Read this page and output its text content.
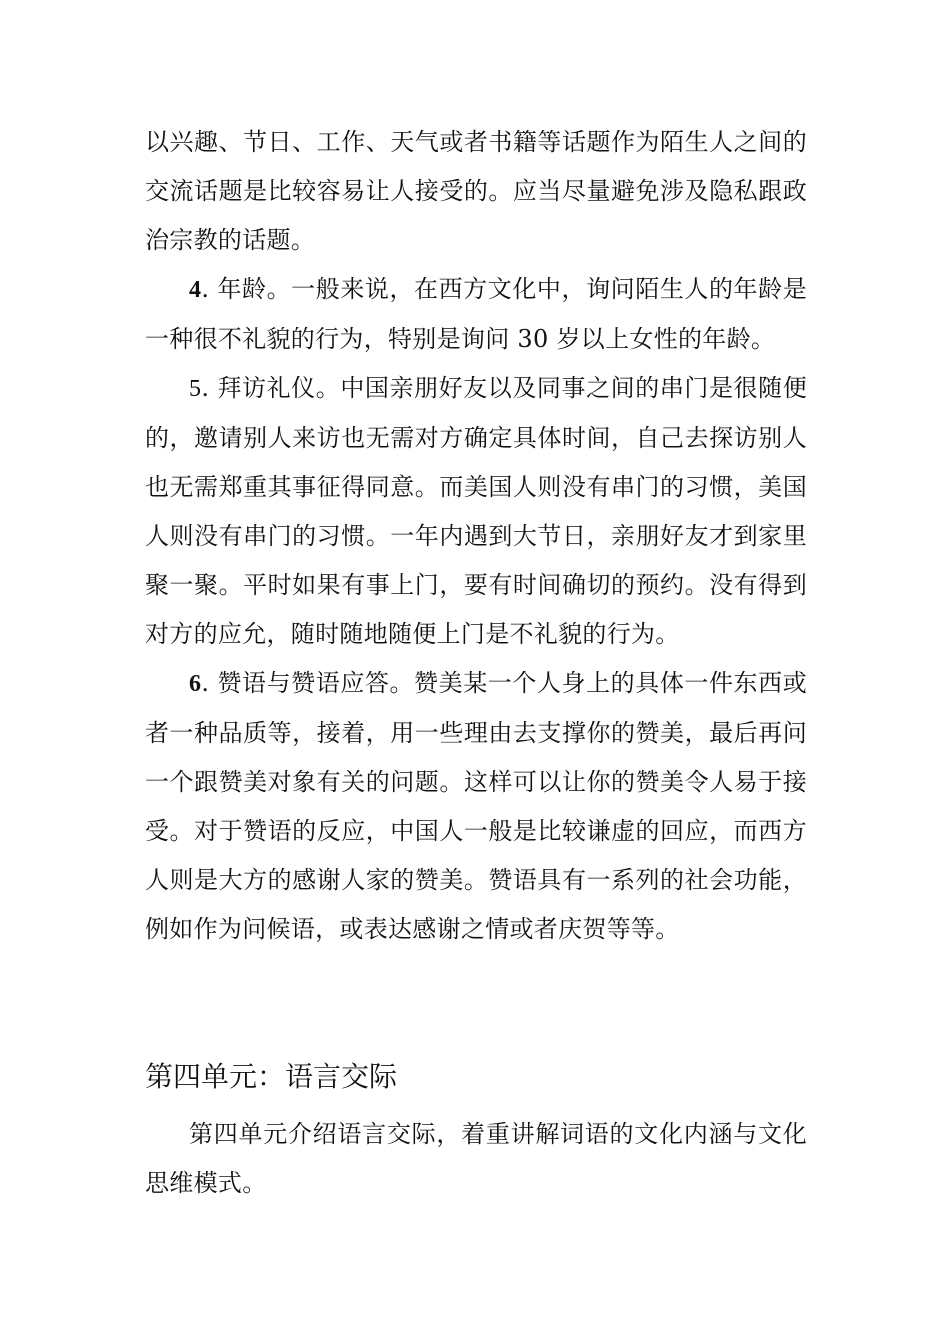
以兴趣、节日、工作、天气或者书籍等话题作为陌生人之间的交流话题是比较容易让人接受的。应当尽量避免涉及隐私跟政治宗教的话题。

4. 年龄。一般来说，在西方文化中，询问陌生人的年龄是一种很不礼貌的行为，特别是询问 30 岁以上女性的年龄。

5. 拜访礼仪。中国亲朋好友以及同事之间的串门是很随便的，邀请别人来访也无需对方确定具体时间，自己去探访别人也无需郑重其事征得同意。而美国人则没有串门的习惯，美国人则没有串门的习惯。一年内遇到大节日，亲朋好友才到家里聚一聚。平时如果有事上门，要有时间确切的预约。没有得到对方的应允，随时随地随便上门是不礼貌的行为。

6. 赞语与赞语应答。赞美某一个人身上的具体一件东西或者一种品质等，接着，用一些理由去支撑你的赞美，最后再问一个跟赞美对象有关的问题。这样可以让你的赞美令人易于接受。对于赞语的反应，中国人一般是比较谦虚的回应，而西方人则是大方的感谢人家的赞美。赞语具有一系列的社会功能，例如作为问候语，或表达感谢之情或者庆贺等等。

第四单元：语言交际

第四单元介绍语言交际，着重讲解词语的文化内涵与文化思维模式。
